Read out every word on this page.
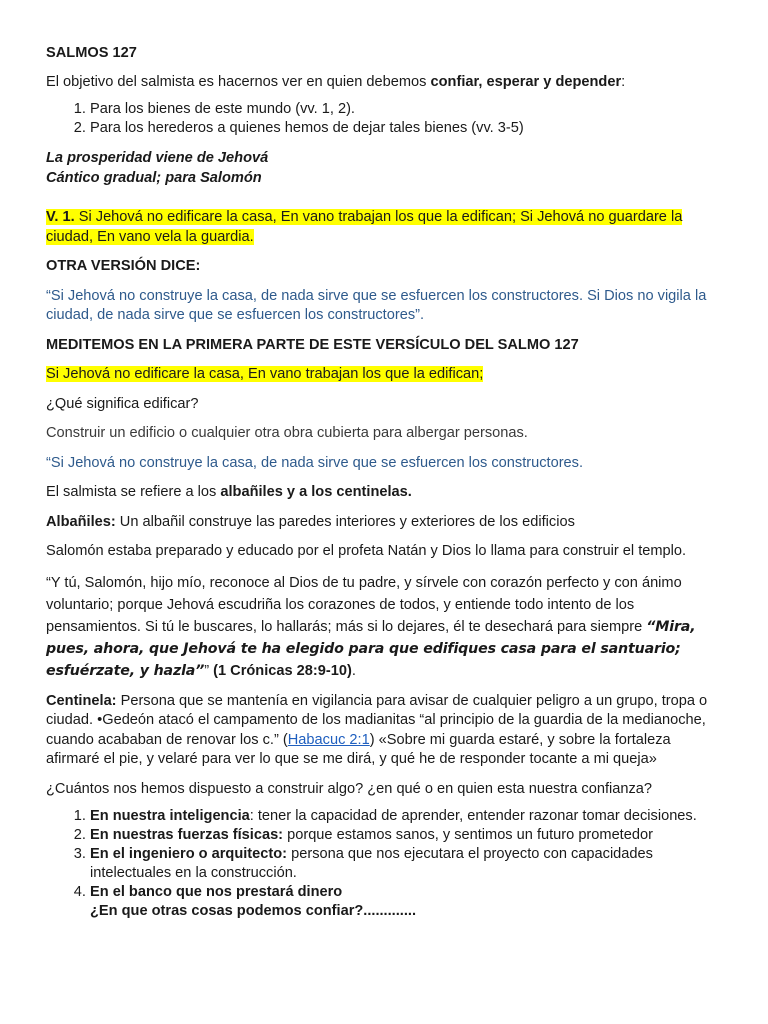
SALMOS 127

El objetivo del salmista es hacernos ver en quien debemos confiar, esperar y depender:

1. Para los bienes de este mundo (vv. 1, 2).
2. Para los herederos a quienes hemos de dejar tales bienes (vv. 3-5)

La prosperidad viene de Jehová

Cántico gradual; para Salomón

V. 1. Si Jehová no edificare la casa, En vano trabajan los que la edifican; Si Jehová no guardare la ciudad, En vano vela la guardia.

OTRA VERSIÓN DICE:

“Si Jehová no construye la casa, de nada sirve que se esfuercen los constructores. Si Dios no vigila la ciudad, de nada sirve que se esfuercen los constructores”.

MEDITEMOS EN LA PRIMERA PARTE DE ESTE VERSÍCULO DEL SALMO 127

Si Jehová no edificare la casa, En vano trabajan los que la edifican;

¿Qué significa edificar?

Construir un edificio o cualquier otra obra cubierta para albergar personas.

“Si Jehová no construye la casa, de nada sirve que se esfuercen los constructores.

El salmista se refiere a los albañiles y a los centinelas.

Albañiles: Un albañil construye las paredes interiores y exteriores de los edificios

Salomón estaba preparado y educado por el profeta Natán y Dios lo llama para construir el templo.

“Y tú, Salomón, hijo mío, reconoce al Dios de tu padre, y sírvele con corazón perfecto y con ánimo voluntario; porque Jehová escudriña los corazones de todos, y entiende todo intento de los pensamientos. Si tú le buscares, lo hallarás; más si lo dejares, él te desechará para siempre “Mira, pues, ahora, que Jehová te ha elegido para que edifiques casa para el santuario; esfuérzate, y hazla”” (1 Crónicas 28:9-10).

Centinela: Persona que se mantenía en vigilancia para avisar de cualquier peligro a un grupo, tropa o ciudad. •Gedeón atacó el campamento de los madianitas “al principio de la guardia de la medianoche, cuando acababan de renovar los c.” (Habacuc 2:1) «Sobre mi guarda estaré, y sobre la fortaleza afirmaré el pie, y velaré para ver lo que se me dirá, y qué he de responder tocante a mi queja»

¿Cuántos nos hemos dispuesto a construir algo? ¿en qué o en quien esta nuestra confianza?

1. En nuestra inteligencia: tener la capacidad de aprender, entender razonar tomar decisiones.
2. En nuestras fuerzas físicas: porque estamos sanos, y sentimos un futuro prometedor
3. En el ingeniero o arquitecto: persona que nos ejecutara el proyecto con capacidades intelectuales en la construcción.
4. En el banco que nos prestará dinero

¿En que otras cosas podemos confiar?.............
